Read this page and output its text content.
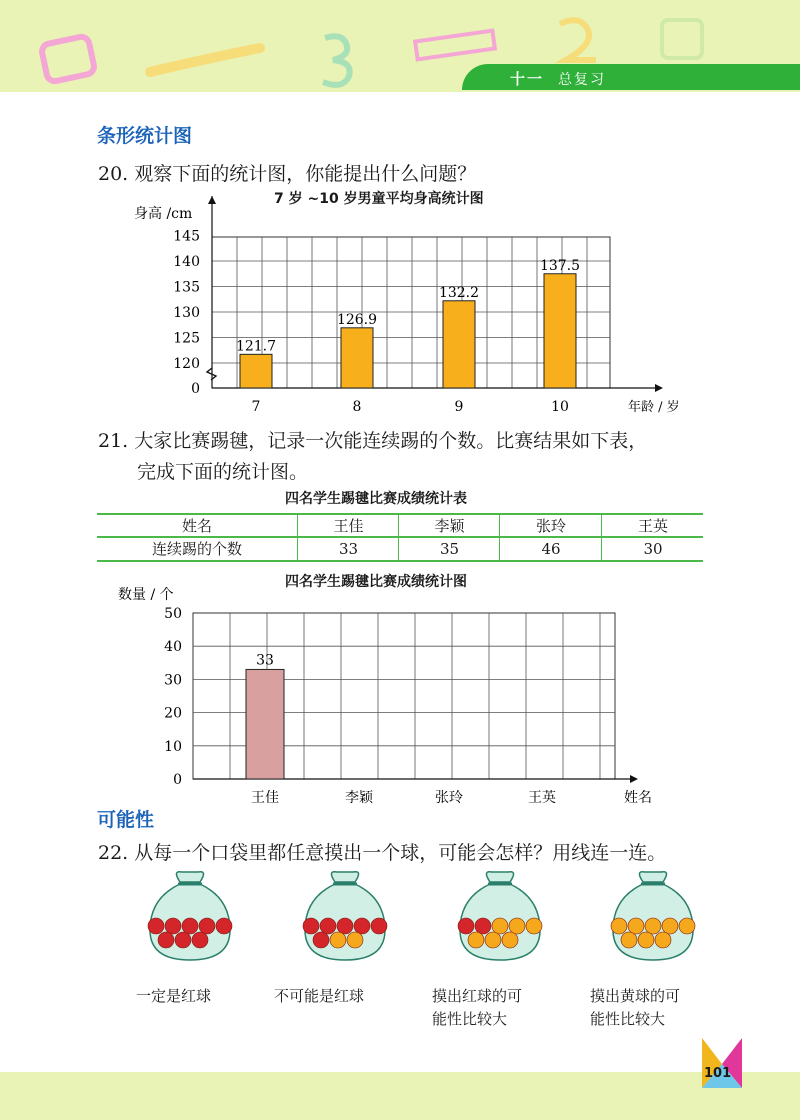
十一 总复习
条形统计图
20. 观察下面的统计图，你能提出什么问题？
7 岁 ~10 岁男童平均身高统计图
身高 /cm
0
120
125
130
135
140
145
121.7
7
126.9
8
132.2
9
137.5
10	年龄 / 岁
21. 大家比赛踢毽，记录一次能连续踢的个数。比赛结果如下表，
完成下面的统计图。
四名学生踢毽比赛成绩统计表
姓名	王佳	李颖	张玲	王英
连续踢的个数	33	35	46	30
四名学生踢毽比赛成绩统计图
数量 / 个
0
10
20
30
40
50
33
王佳	李颖	张玲	王英	姓名
可能性
22. 从每一个口袋里都任意摸出一个球，可能会怎样？用线连一连。
一定是红球	不可能是红球	摸出红球的可
能性比较大
摸出黄球的可
能性比较大
101
